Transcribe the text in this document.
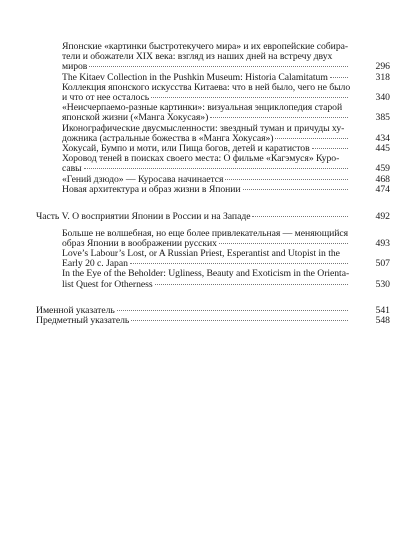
Японские «картинки быстротекучего мира» и их европейские собира-
тели и обожатели XIX века: взгляд из наших дней на встречу двух
миров	296
The Kitaev Collection in the Pushkin Museum: Historia Calamitatum	318
Коллекция японского искусства Китаева: что в ней было, чего не было
и что от нее осталось	340
«Неисчерпаемо-разные картинки»: визуальная энциклопедия старой
японской жизни («Манга Хокусая»)	385
Иконографические двусмысленности: звездный туман и причуды ху-
дожника (астральные божества в «Манга Хокусая»)	434
Хокусай, Бумпо и моти, или Пища богов, детей и каратистов	445
Хоровод теней в поисках своего места: О фильме «Кагэмуся» Куро-
савы	459
«Гений дзюдо» — Куросава начинается	468
Новая архитектура и образ жизни в Японии	474
Часть V. О восприятии Японии в России и на Западе	492
Больше не волшебная, но еще более привлекательная — меняющийся
образ Японии в воображении русских	493
Love’s Labour’s Lost, or A Russian Priest, Esperantist and Utopist in the
Early 20 c. Japan	507
In the Eye of the Beholder: Ugliness, Beauty and Exoticism in the Orienta-
list Quest for Otherness	530
Именной указатель	541
Предметный указатель	548
